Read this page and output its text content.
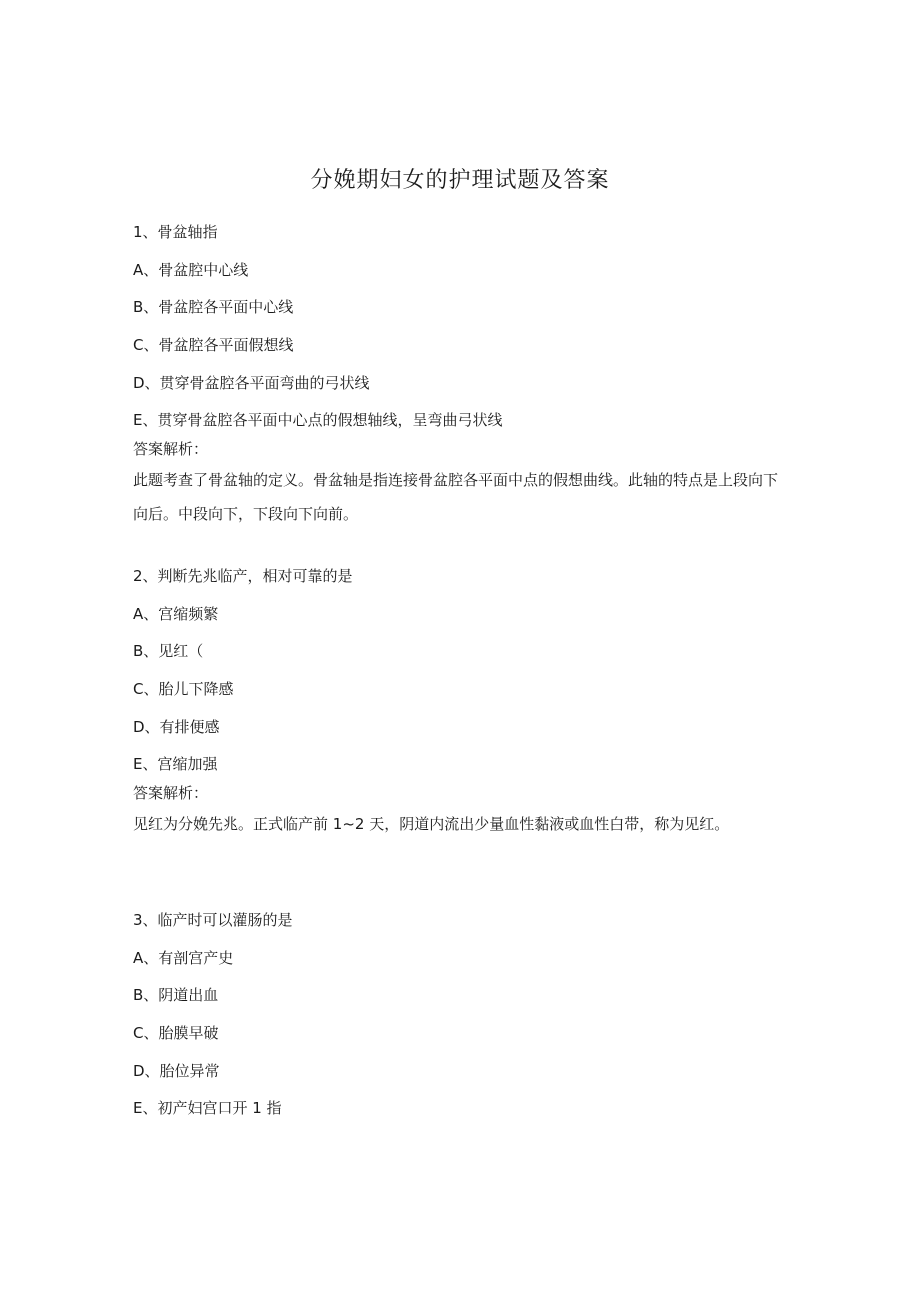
分娩期妇女的护理试题及答案
1、骨盆轴指
A、骨盆腔中心线
B、骨盆腔各平面中心线
C、骨盆腔各平面假想线
D、贯穿骨盆腔各平面弯曲的弓状线
E、贯穿骨盆腔各平面中心点的假想轴线，呈弯曲弓状线
答案解析：
此题考查了骨盆轴的定义。骨盆轴是指连接骨盆腔各平面中点的假想曲线。此轴的特点是上段向下向后。中段向下，下段向下向前。
2、判断先兆临产，相对可靠的是
A、宫缩频繁
B、见红（
C、胎儿下降感
D、有排便感
E、宫缩加强
答案解析：
见红为分娩先兆。正式临产前 1~2 天，阴道内流出少量血性黏液或血性白带，称为见红。
3、临产时可以灌肠的是
A、有剖宫产史
B、阴道出血
C、胎膜早破
D、胎位异常
E、初产妇宫口开 1 指
